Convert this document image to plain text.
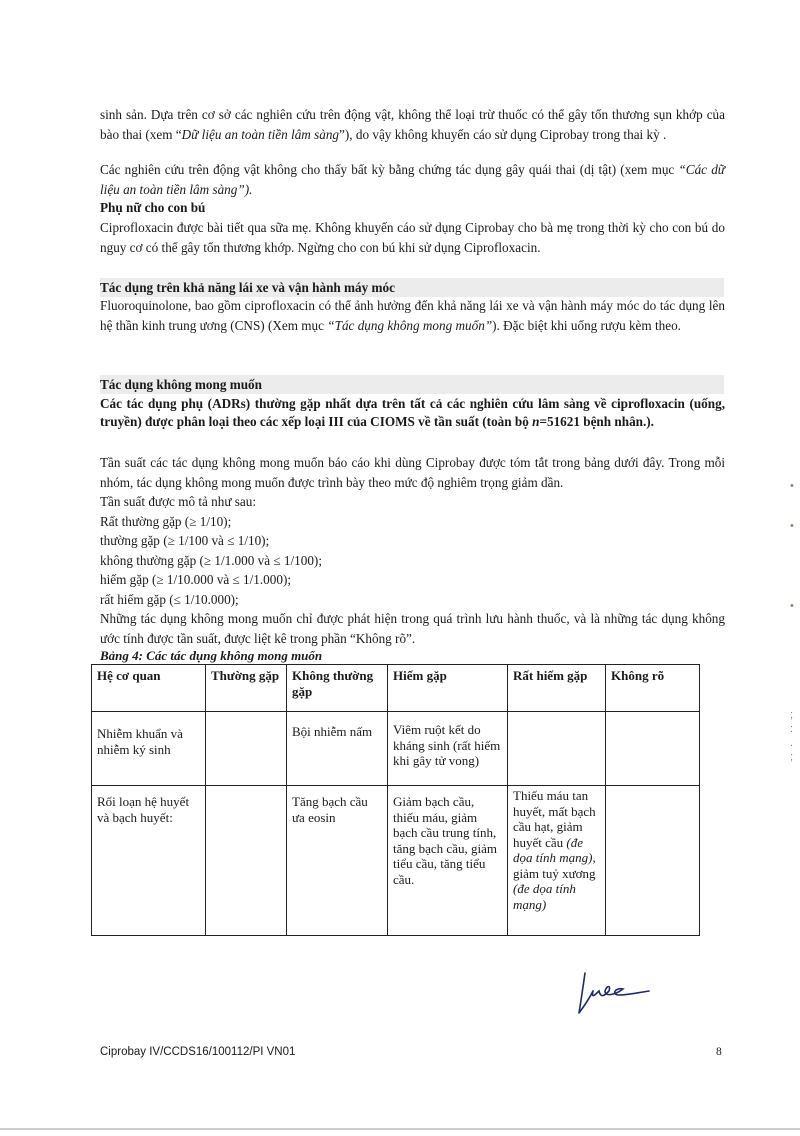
sinh sản. Dựa trên cơ sở các nghiên cứu trên động vật, không thể loại trừ thuốc có thể gây tổn thương sụn khớp của bào thai (xem “Dữ liệu an toàn tiền lâm sàng”), do vậy không khuyến cáo sử dụng Ciprobay trong thai kỳ .

Các nghiên cứu trên động vật không cho thấy bất kỳ bằng chứng tác dụng gây quái thai (dị tật) (xem mục “Các dữ liệu an toàn tiền lâm sàng”).

Phụ nữ cho con bú

Ciprofloxacin được bài tiết qua sữa mẹ. Không khuyến cáo sử dụng Ciprobay cho bà mẹ trong thời kỳ cho con bú do nguy cơ có thể gây tổn thương khớp. Ngừng cho con bú khi sử dụng Ciprofloxacin.

Tác dụng trên khả năng lái xe và vận hành máy móc

Fluoroquinolone, bao gồm ciprofloxacin có thể ảnh hưởng đến khả năng lái xe và vận hành máy móc do tác dụng lên hệ thần kinh trung ương (CNS) (Xem mục “Tác dụng không mong muốn”). Đặc biệt khi uống rượu kèm theo.

Tác dụng không mong muốn

Các tác dụng phụ (ADRs) thường gặp nhất dựa trên tất cả các nghiên cứu lâm sàng về ciprofloxacin (uống, truyền) được phân loại theo các xếp loại III của CIOMS về tần suất (toàn bộ n=51621 bệnh nhân.).

Tần suất các tác dụng không mong muốn báo cáo khi dùng Ciprobay được tóm tắt trong bảng dưới đây. Trong mỗi nhóm, tác dụng không mong muốn được trình bày theo mức độ nghiêm trọng giảm dần.

Tần suất được mô tả như sau:

Rất thường gặp (≥ 1/10);

thường gặp (≥ 1/100 và ≤ 1/10);

không thường gặp (≥ 1/1.000 và ≤ 1/100);

hiếm gặp (≥ 1/10.000 và ≤ 1/1.000);

rất hiếm gặp (≤ 1/10.000);

Những tác dụng không mong muốn chỉ được phát hiện trong quá trình lưu hành thuốc, và là những tác dụng không ước tính được tần suất, được liệt kê trong phần “Không rõ”.

Bảng 4: Các tác dụng không mong muốn
Hệ cơ quan	Thường gặp	Không thường gặp	Hiếm gặp	Rất hiếm gặp	Không rõ
Nhiễm khuẩn và nhiễm ký sinh		Bội nhiễm nấm	Viêm ruột kết do kháng sinh (rất hiếm khi gây tử vong)		
Rối loạn hệ huyết và bạch huyết:		Tăng bạch cầu ưa eosin	Giảm bạch cầu, thiếu máu, giảm bạch cầu trung tính, tăng bạch cầu, giảm tiểu cầu, tăng tiểu cầu.	Thiếu máu tan huyết, mất bạch cầu hạt, giảm huyết cầu (đe dọa tính mạng), giảm tuỷ xương (đe dọa tính mạng)	
Ciprobay IV/CCDS16/100112/PI VN01	8
•
•
•
;
:
.
;
